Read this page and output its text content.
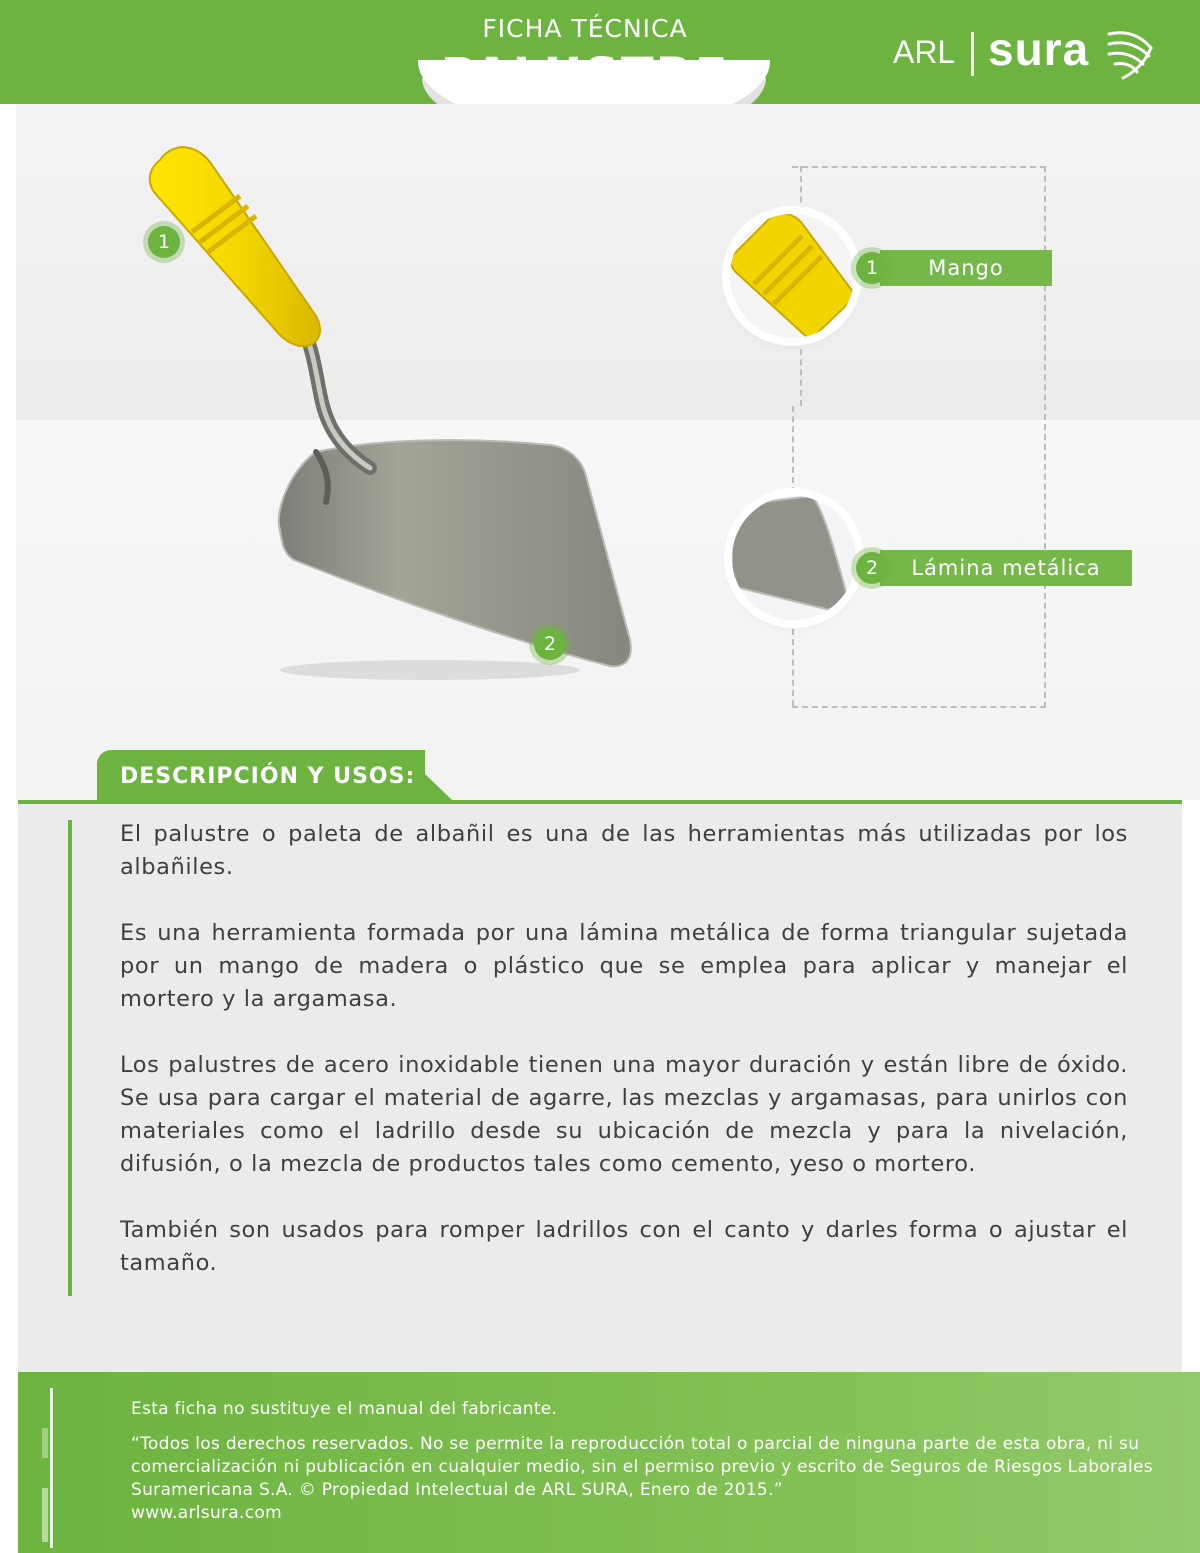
FICHA TÉCNICA
PALUSTRE	ARL sura
1
2
Mango
1
Lámina metálica
2
DESCRIPCIÓN Y USOS:

El palustre o paleta de albañil es una de las herramientas más utilizadas por los albañiles.

Es una herramienta formada por una lámina metálica de forma triangular sujetada por un mango de madera o plástico que se emplea para aplicar y manejar el mortero y la argamasa.

Los palustres de acero inoxidable tienen una mayor duración y están libre de óxido. Se usa para cargar el material de agarre, las mezclas y argamasas, para unirlos con materiales como el ladrillo desde su ubicación de mezcla y para la nivelación, difusión, o la mezcla de productos tales como cemento, yeso o mortero.

También son usados para romper ladrillos con el canto y darles forma o ajustar el tamaño.

Esta ficha no sustituye el manual del fabricante.

“Todos los derechos reservados. No se permite la reproducción total o parcial de ninguna parte de esta obra, ni su comercialización ni publicación en cualquier medio, sin el permiso previo y escrito de Seguros de Riesgos Laborales Suramericana S.A. © Propiedad Intelectual de ARL SURA, Enero de 2015.”

www.arlsura.com
